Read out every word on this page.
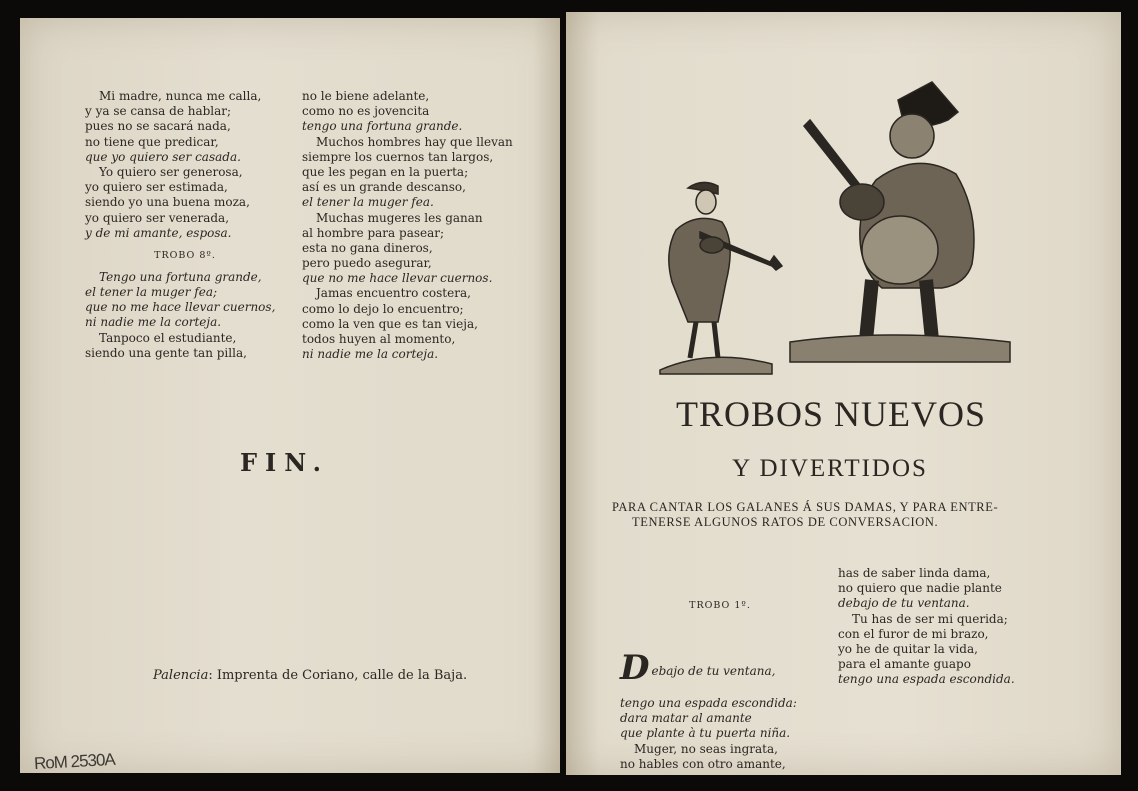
Mi madre, nunca me calla,
y ya se cansa de hablar;
pues no se sacará nada,
no tiene que predicar,
que yo quiero ser casada.
Yo quiero ser generosa,
yo quiero ser estimada,
siendo yo una buena moza,
yo quiero ser venerada,
y de mi amante, esposa.
TROBO 8º.
Tengo una fortuna grande,
el tener la muger fea;
que no me hace llevar cuernos,
ni nadie me la corteja.
Tanpoco el estudiante,
siendo una gente tan pilla,
no le biene adelante,
como no es jovencita
tengo una fortuna grande.
Muchos hombres hay que llevan
siempre los cuernos tan largos,
que les pegan en la puerta;
así es un grande descanso,
el tener la muger fea.
Muchas mugeres les ganan
al hombre para pasear;
esta no gana dineros,
pero puedo asegurar,
que no me hace llevar cuernos.
Jamas encuentro costera,
como lo dejo lo encuentro;
como la ven que es tan vieja,
todos huyen al momento,
ni nadie me la corteja.
FIN.
Palencia: Imprenta de Coriano, calle de la Baja.
TROBOS NUEVOS
Y DIVERTIDOS
PARA CANTAR LOS GALANES Á SUS DAMAS, Y PARA ENTRE-
TENERSE ALGUNOS RATOS DE CONVERSACION.

TROBO 1º.

D ebajo de tu ventana,

tengo una espada escondida:
dara matar al amante
que plante à tu puerta niña.
Muger, no seas ingrata,
no hables con otro amante,
has de saber linda dama,
no quiero que nadie plante
debajo de tu ventana.
Tu has de ser mi querida;
con el furor de mi brazo,
yo he de quitar la vida,
para el amante guapo
tengo una espada escondida.
RoM 2530A
